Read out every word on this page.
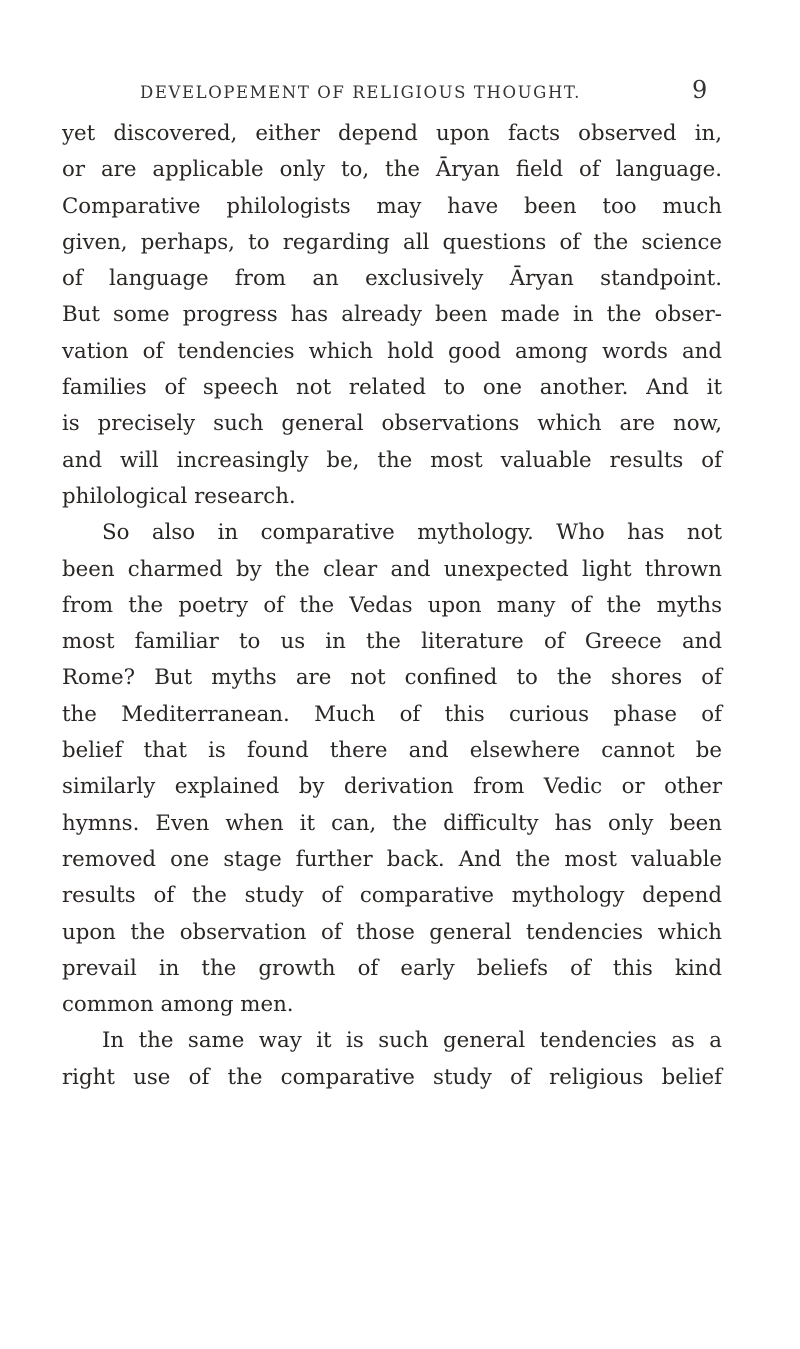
DEVELOPEMENT OF RELIGIOUS THOUGHT.	9
yet discovered, either depend upon facts observed in,
or are applicable only to, the Āryan field of language.
Comparative philologists may have been too much
given, perhaps, to regarding all questions of the science
of language from an exclusively Āryan standpoint.
But some progress has already been made in the obser-
vation of tendencies which hold good among words and
families of speech not related to one another. And it
is precisely such general observations which are now,
and will increasingly be, the most valuable results of
philological research.
So also in comparative mythology. Who has not
been charmed by the clear and unexpected light thrown
from the poetry of the Vedas upon many of the myths
most familiar to us in the literature of Greece and
Rome? But myths are not confined to the shores of
the Mediterranean. Much of this curious phase of
belief that is found there and elsewhere cannot be
similarly explained by derivation from Vedic or other
hymns. Even when it can, the difficulty has only been
removed one stage further back. And the most valuable
results of the study of comparative mythology depend
upon the observation of those general tendencies which
prevail in the growth of early beliefs of this kind
common among men.
In the same way it is such general tendencies as a
right use of the comparative study of religious belief
